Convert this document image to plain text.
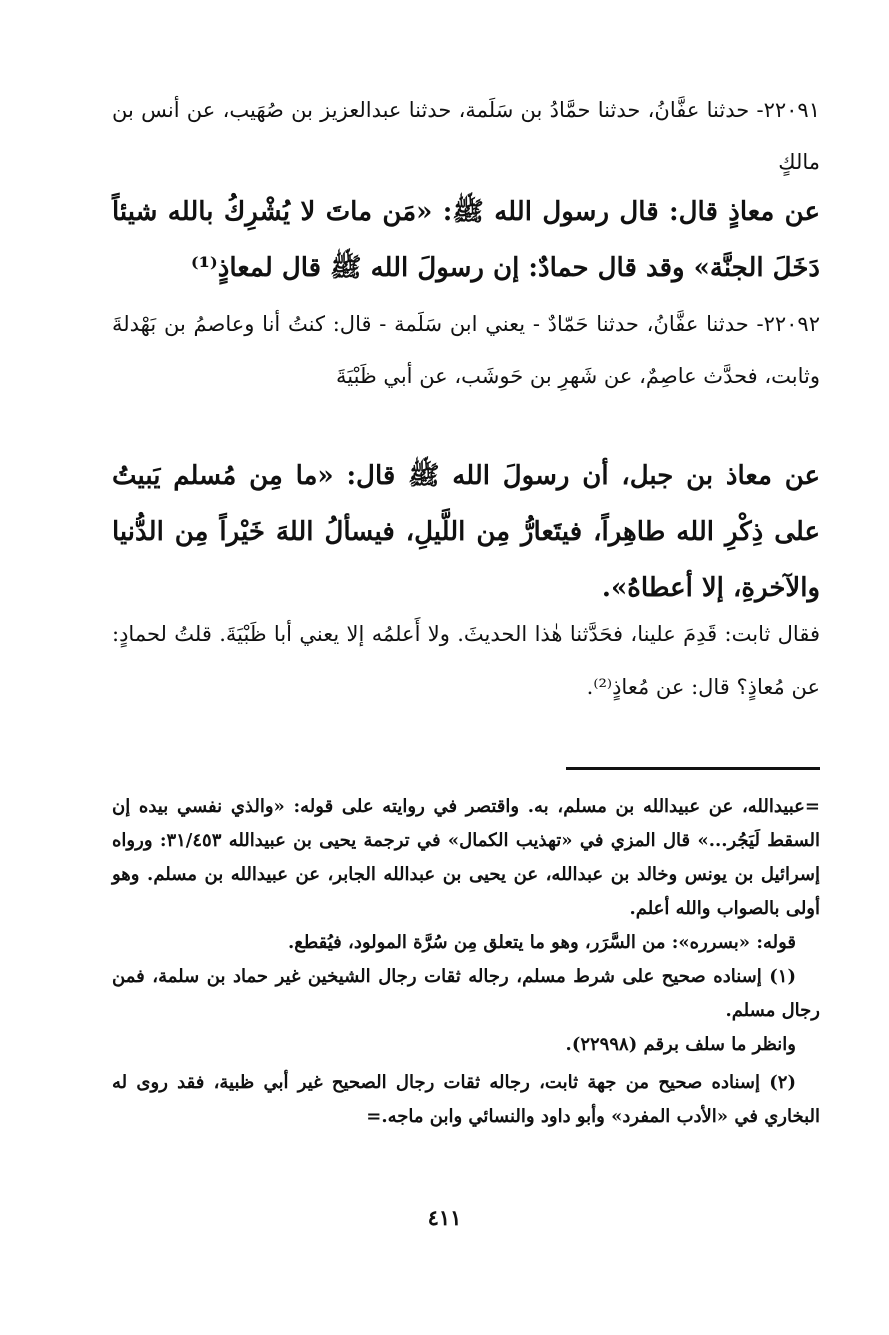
٢٢٠٩١- حدثنا عفَّانُ، حدثنا حمَّادُ بن سَلَمة، حدثنا عبدالعزيز بن صُهَيب، عن أنس بن مالكٍ

عن معاذٍ قال: قال رسول الله ﷺ: «مَن ماتَ لا يُشْرِكُ بالله شيئاً دَخَلَ الجنَّة» وقد قال حمادٌ: إن رسولَ الله ﷺ قال لمعاذٍ⁽¹⁾

٢٢٠٩٢- حدثنا عفَّانُ، حدثنا حَمّادٌ - يعني ابن سَلَمة - قال: كنتُ أنا وعاصمُ بن بَهْدلةَ وثابت، فحدَّث عاصِمٌ، عن شَهرِ بن حَوشَب، عن أبي ظَبْيَةَ

عن معاذ بن جبل، أن رسولَ الله ﷺ قال: «ما مِن مُسلم يَبيتُ على ذِكْرِ الله طاهِراً، فيتَعارُّ مِن اللَّيلِ، فيسألُ اللهَ خَيْراً مِن الدُّنيا والآخرةِ، إلا أعطاهُ».

فقال ثابت: قَدِمَ علينا، فحَدَّثنا هٰذا الحديثَ. ولا أَعلمُه إلا يعني أبا ظَبْيَةَ. قلتُ لحمادٍ: عن مُعاذٍ؟ قال: عن مُعاذٍ⁽²⁾.

=عبيدالله، عن عبيدالله بن مسلم، به. واقتصر في روايته على قوله: «والذي نفسي بيده إن السقط لَيَجُر...» قال المزي في «تهذيب الكمال» في ترجمة يحيى بن عبيدالله ٣١/٤٥٣: ورواه إسرائيل بن يونس وخالد بن عبدالله، عن يحيى بن عبدالله الجابر، عن عبيدالله بن مسلم. وهو أولى بالصواب والله أعلم.

قوله: «بسرره»: من السَّرَر، وهو ما يتعلق مِن سُرَّة المولود، فيُقطع.

(١) إسناده صحيح على شرط مسلم، رجاله ثقات رجال الشيخين غير حماد بن سلمة، فمن رجال مسلم.

وانظر ما سلف برقم (٢٢٩٩٨).

(٢) إسناده صحيح من جهة ثابت، رجاله ثقات رجال الصحيح غير أبي ظبية، فقد روى له البخاري في «الأدب المفرد» وأبو داود والنسائي وابن ماجه.=

٤١١
